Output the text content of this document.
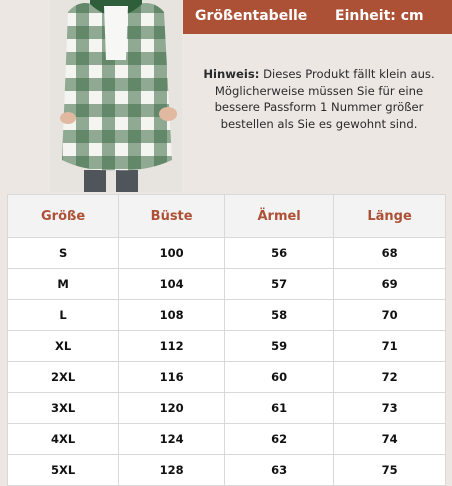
Größentabelle Einheit: cm
Hinweis: Dieses Produkt fällt klein aus. Möglicherweise müssen Sie für eine bessere Passform 1 Nummer größer bestellen als Sie es gewohnt sind.
Größe	Büste	Ärmel	Länge
S	100	56	68
M	104	57	69
L	108	58	70
XL	112	59	71
2XL	116	60	72
3XL	120	61	73
4XL	124	62	74
5XL	128	63	75
